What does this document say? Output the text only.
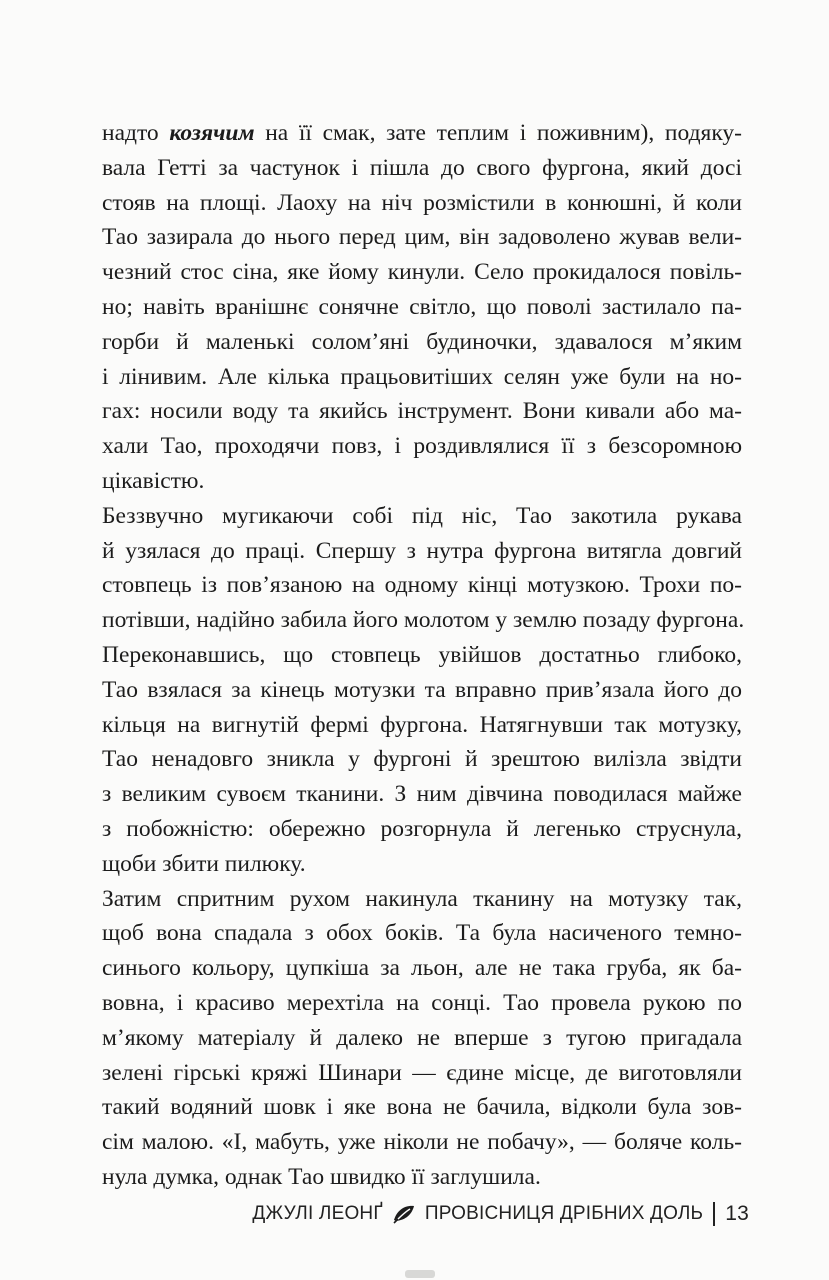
надто козячим на її смак, зате теплим і поживним), подяку-
вала Гетті за частунок і пішла до свого фургона, який досі
стояв на площі. Лаоху на ніч розмістили в конюшні, й коли
Тао зазирала до нього перед цим, він задоволено жував вели-
чезний стос сіна, яке йому кинули. Село прокидалося повіль-
но; навіть вранішнє сонячне світло, що поволі застилало па-
горби й маленькі солом’яні будиночки, здавалося м’яким
і лінивим. Але кілька працьовитіших селян уже були на но-
гах: носили воду та якийсь інструмент. Вони кивали або ма-
хали Тао, проходячи повз, і роздивлялися її з безсоромною
цікавістю.
Беззвучно мугикаючи собі під ніс, Тао закотила рукава
й узялася до праці. Спершу з нутра фургона витягла довгий
стовпець із пов’язаною на одному кінці мотузкою. Трохи по-
потівши, надійно забила його молотом у землю позаду фургона.
Переконавшись, що стовпець увійшов достатньо глибоко,
Тао взялася за кінець мотузки та вправно прив’язала його до
кільця на вигнутій фермі фургона. Натягнувши так мотузку,
Тао ненадовго зникла у фургоні й зрештою вилізла звідти
з великим сувоєм тканини. З ним дівчина поводилася майже
з побожністю: обережно розгорнула й легенько струснула,
щоби збити пилюку.
Затим спритним рухом накинула тканину на мотузку так,
щоб вона спадала з обох боків. Та була насиченого темно-
синього кольору, цупкіша за льон, але не така груба, як ба-
вовна, і красиво мерехтіла на сонці. Тао провела рукою по
м’якому матеріалу й далеко не вперше з тугою пригадала
зелені гірські кряжі Шинари — єдине місце, де виготовляли
такий водяний шовк і яке вона не бачила, відколи була зов-
сім малою. «І, мабуть, уже ніколи не побачу», — боляче коль-
нула думка, однак Тао швидко її заглушила.
ДЖУЛІ ЛЕОНҐ ПРОВІСНИЦЯ ДРІБНИХ ДОЛЬ 13
